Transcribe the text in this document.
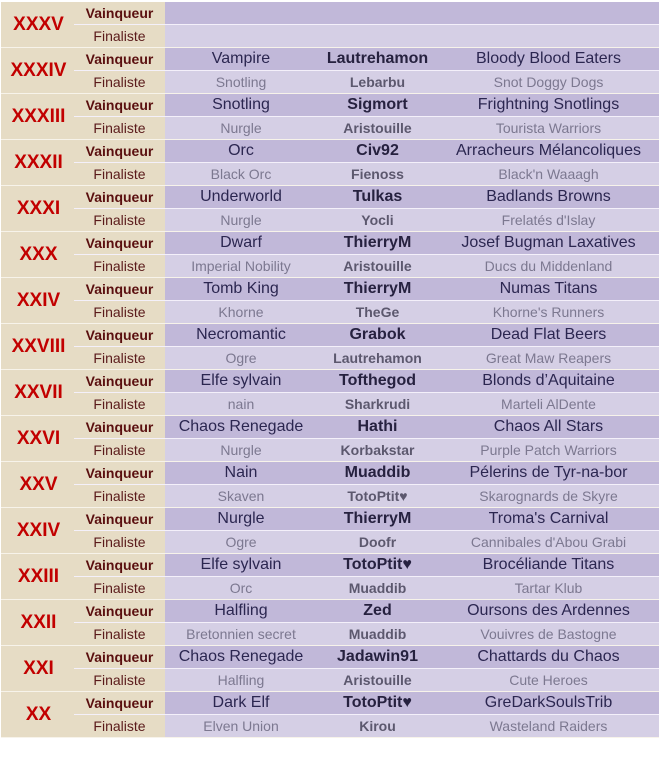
XXXV
Vainqueur
Finaliste
XXXIV
Vainqueur	Vampire	Lautrehamon	Bloody Blood Eaters
Finaliste	Snotling	Lebarbu	Snot Doggy Dogs
XXXIII
Vainqueur	Snotling	Sigmort	Frightning Snotlings
Finaliste	Nurgle	Aristouille	Tourista Warriors
XXXII
Vainqueur	Orc	Civ92	Arracheurs Mélancoliques
Finaliste	Black Orc	Fienoss	Black'n Waaagh
XXXI
Vainqueur	Underworld	Tulkas	Badlands Browns
Finaliste	Nurgle	Yocli	Frelatés d'Islay
XXX
Vainqueur	Dwarf	ThierryM	Josef Bugman Laxatives
Finaliste	Imperial Nobility	Aristouille	Ducs du Middenland
XXIV
Vainqueur	Tomb King	ThierryM	Numas Titans
Finaliste	Khorne	TheGe	Khorne's Runners
XXVIII
Vainqueur	Necromantic	Grabok	Dead Flat Beers
Finaliste	Ogre	Lautrehamon	Great Maw Reapers
XXVII
Vainqueur	Elfe sylvain	Tofthegod	Blonds d’Aquitaine
Finaliste	nain	Sharkrudi	Marteli AlDente
XXVI
Vainqueur	Chaos Renegade	Hathi	Chaos All Stars
Finaliste	Nurgle	Korbakstar	Purple Patch Warriors
XXV
Vainqueur	Nain	Muaddib	Pélerins de Tyr-na-bor
Finaliste	Skaven	TotoPtit♥	Skarognards de Skyre
XXIV
Vainqueur	Nurgle	ThierryM	Troma's Carnival
Finaliste	Ogre	Doofr	Cannibales d'Abou Grabi
XXIII
Vainqueur	Elfe sylvain	TotoPtit♥	Brocéliande Titans
Finaliste	Orc	Muaddib	Tartar Klub
XXII
Vainqueur	Halfling	Zed	Oursons des Ardennes
Finaliste	Bretonnien secret	Muaddib	Vouivres de Bastogne
XXI
Vainqueur	Chaos Renegade	Jadawin91	Chattards du Chaos
Finaliste	Halfling	Aristouille	Cute Heroes
XX
Vainqueur	Dark Elf	TotoPtit♥	GreDarkSoulsTrib
Finaliste	Elven Union	Kirou	Wasteland Raiders
